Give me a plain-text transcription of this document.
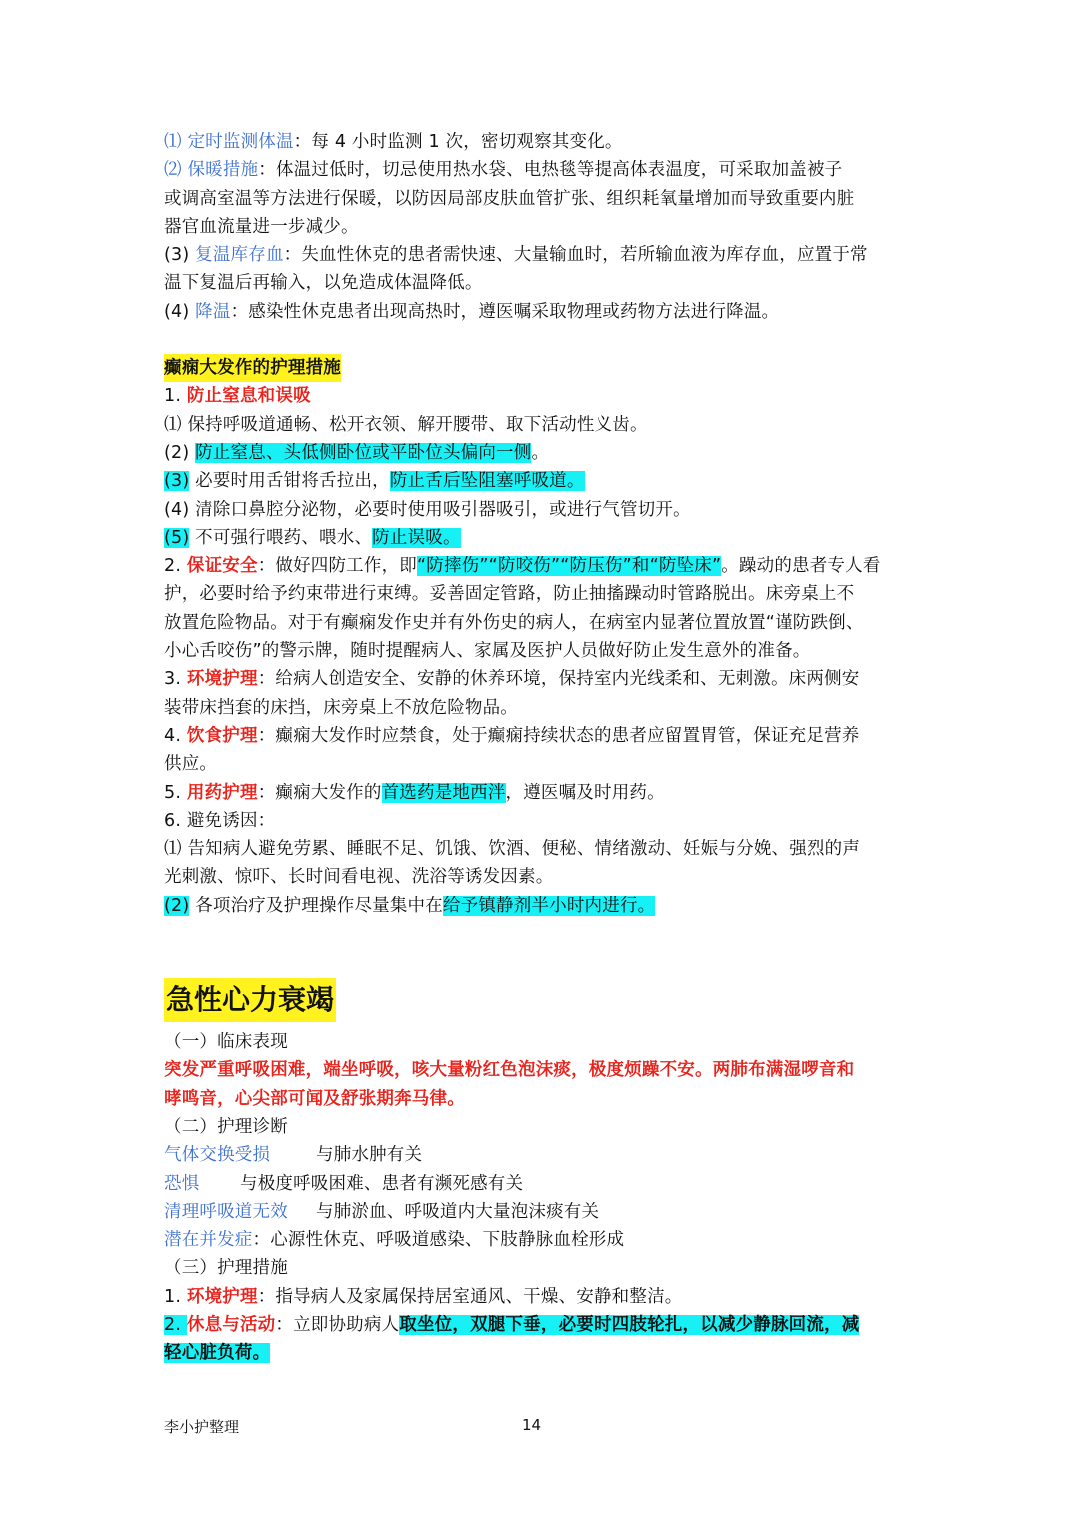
⑴ 定时监测体温：每 4 小时监测 1 次，密切观察其变化。
⑵ 保暖措施：体温过低时，切忌使用热水袋、电热毯等提高体表温度，可采取加盖被子
或调高室温等方法进行保暖，以防因局部皮肤血管扩张、组织耗氧量增加而导致重要内脏
器官血流量进一步减少。
(3) 复温库存血：失血性休克的患者需快速、大量输血时，若所输血液为库存血，应置于常
温下复温后再输入，以免造成体温降低。
(4) 降温：感染性休克患者出现高热时，遵医嘱采取物理或药物方法进行降温。
癫痫大发作的护理措施
1. 防止窒息和误吸
⑴ 保持呼吸道通畅、松开衣领、解开腰带、取下活动性义齿。
(2) 防止窒息、头低侧卧位或平卧位头偏向一侧。
(3) 必要时用舌钳将舌拉出，防止舌后坠阻塞呼吸道。
(4) 清除口鼻腔分泌物，必要时使用吸引器吸引，或进行气管切开。
(5) 不可强行喂药、喂水、防止误吸。
2. 保证安全：做好四防工作，即“防摔伤”“防咬伤”“防压伤”和“防坠床”。躁动的患者专人看
护，必要时给予约束带进行束缚。妥善固定管路，防止抽搐躁动时管路脱出。床旁桌上不
放置危险物品。对于有癫痫发作史并有外伤史的病人，在病室内显著位置放置“谨防跌倒、
小心舌咬伤”的警示牌，随时提醒病人、家属及医护人员做好防止发生意外的准备。
3. 环境护理：给病人创造安全、安静的休养环境，保持室内光线柔和、无刺激。床两侧安
装带床挡套的床挡，床旁桌上不放危险物品。
4. 饮食护理：癫痫大发作时应禁食，处于癫痫持续状态的患者应留置胃管，保证充足营养
供应。
5. 用药护理：癫痫大发作的首选药是地西泮，遵医嘱及时用药。
6. 避免诱因：
⑴ 告知病人避免劳累、睡眠不足、饥饿、饮酒、便秘、情绪激动、妊娠与分娩、强烈的声
光刺激、惊吓、长时间看电视、洗浴等诱发因素。
(2) 各项治疗及护理操作尽量集中在给予镇静剂半小时内进行。
急性心力衰竭
（一）临床表现
突发严重呼吸困难，端坐呼吸，咳大量粉红色泡沫痰，极度烦躁不安。两肺布满湿啰音和
哮鸣音，心尖部可闻及舒张期奔马律。
（二）护理诊断
气体交换受损	与肺水肿有关
恐惧 与极度呼吸困难、患者有濒死感有关
清理呼吸道无效 与肺淤血、呼吸道内大量泡沫痰有关
潜在并发症：心源性休克、呼吸道感染、下肢静脉血栓形成
（三）护理措施
1. 环境护理：指导病人及家属保持居室通风、干燥、安静和整洁。
2. 休息与活动：立即协助病人取坐位，双腿下垂，必要时四肢轮扎，以减少静脉回流，减
轻心脏负荷。
李小护整理	14
